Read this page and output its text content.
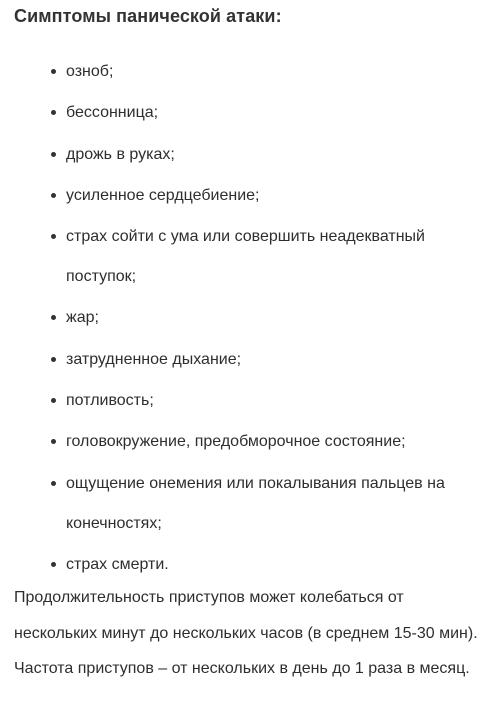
Симптомы панической атаки:
озноб;
бессонница;
дрожь в руках;
усиленное сердцебиение;
страх сойти с ума или совершить неадекватный поступок;
жар;
затрудненное дыхание;
потливость;
головокружение, предобморочное состояние;
ощущение онемения или покалывания пальцев на конечностях;
страх смерти.

Продолжительность приступов может колебаться от нескольких минут до нескольких часов (в среднем 15-30 мин). Частота приступов – от нескольких в день до 1 раза в месяц.
